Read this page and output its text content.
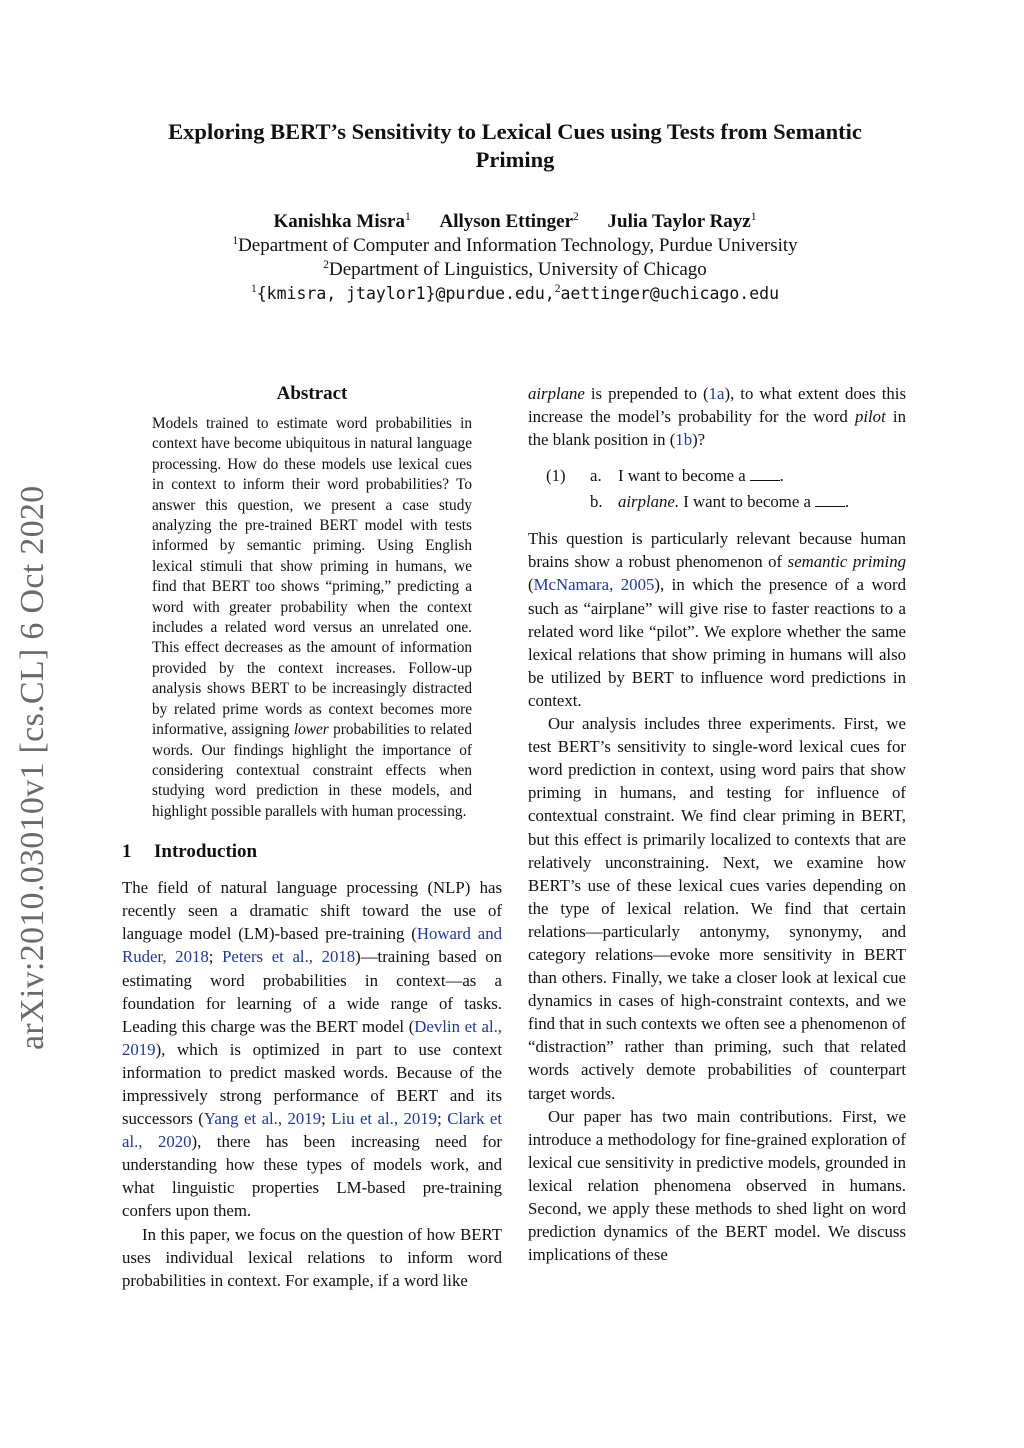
arXiv:2010.03010v1 [cs.CL] 6 Oct 2020
Exploring BERT’s Sensitivity to Lexical Cues using Tests from Semantic
Priming
Kanishka Misra$^1$ Allyson Ettinger$^2$ Julia Taylor Rayz$^1$
$^1$Department of Computer and Information Technology, Purdue University
$^2$Department of Linguistics, University of Chicago
$^1${kmisra, jtaylor1}@purdue.edu,$^2$aettinger@uchicago.edu
Abstract

Models trained to estimate word probabilities in context have become ubiquitous in natural language processing. How do these models use lexical cues in context to inform their word probabilities? To answer this question, we present a case study analyzing the pre-trained BERT model with tests informed by semantic priming. Using English lexical stimuli that show priming in humans, we find that BERT too shows “priming,” predicting a word with greater probability when the context includes a related word versus an unrelated one. This effect decreases as the amount of information provided by the context increases. Follow-up analysis shows BERT to be increasingly distracted by related prime words as context becomes more informative, assigning lower probabilities to related words. Our findings highlight the importance of considering contextual constraint effects when studying word prediction in these models, and highlight possible parallels with human processing.

1 Introduction

The field of natural language processing (NLP) has recently seen a dramatic shift toward the use of language model (LM)-based pre-training (Howard and Ruder, 2018; Peters et al., 2018)—training based on estimating word probabilities in context—as a foundation for learning of a wide range of tasks. Leading this charge was the BERT model (Devlin et al., 2019), which is optimized in part to use context information to predict masked words. Because of the impressively strong performance of BERT and its successors (Yang et al., 2019; Liu et al., 2019; Clark et al., 2020), there has been increasing need for understanding how these types of models work, and what linguistic properties LM-based pre-training confers upon them.

In this paper, we focus on the question of how BERT uses individual lexical relations to inform word probabilities in context. For example, if a word like

airplane is prepended to (1a), to what extent does this increase the model’s probability for the word pilot in the blank position in (1b)?

(1)	a. I want to become a .
b. airplane. I want to become a .

This question is particularly relevant because human brains show a robust phenomenon of semantic priming (McNamara, 2005), in which the presence of a word such as “airplane” will give rise to faster reactions to a related word like “pilot”. We explore whether the same lexical relations that show priming in humans will also be utilized by BERT to influence word predictions in context.

Our analysis includes three experiments. First, we test BERT’s sensitivity to single-word lexical cues for word prediction in context, using word pairs that show priming in humans, and testing for influence of contextual constraint. We find clear priming in BERT, but this effect is primarily localized to contexts that are relatively unconstraining. Next, we examine how BERT’s use of these lexical cues varies depending on the type of lexical relation. We find that certain relations—particularly antonymy, synonymy, and category relations—evoke more sensitivity in BERT than others. Finally, we take a closer look at lexical cue dynamics in cases of high-constraint contexts, and we find that in such contexts we often see a phenomenon of “distraction” rather than priming, such that related words actively demote probabilities of counterpart target words.

Our paper has two main contributions. First, we introduce a methodology for fine-grained exploration of lexical cue sensitivity in predictive models, grounded in lexical relation phenomena observed in humans. Second, we apply these methods to shed light on word prediction dynamics of the BERT model. We discuss implications of these
